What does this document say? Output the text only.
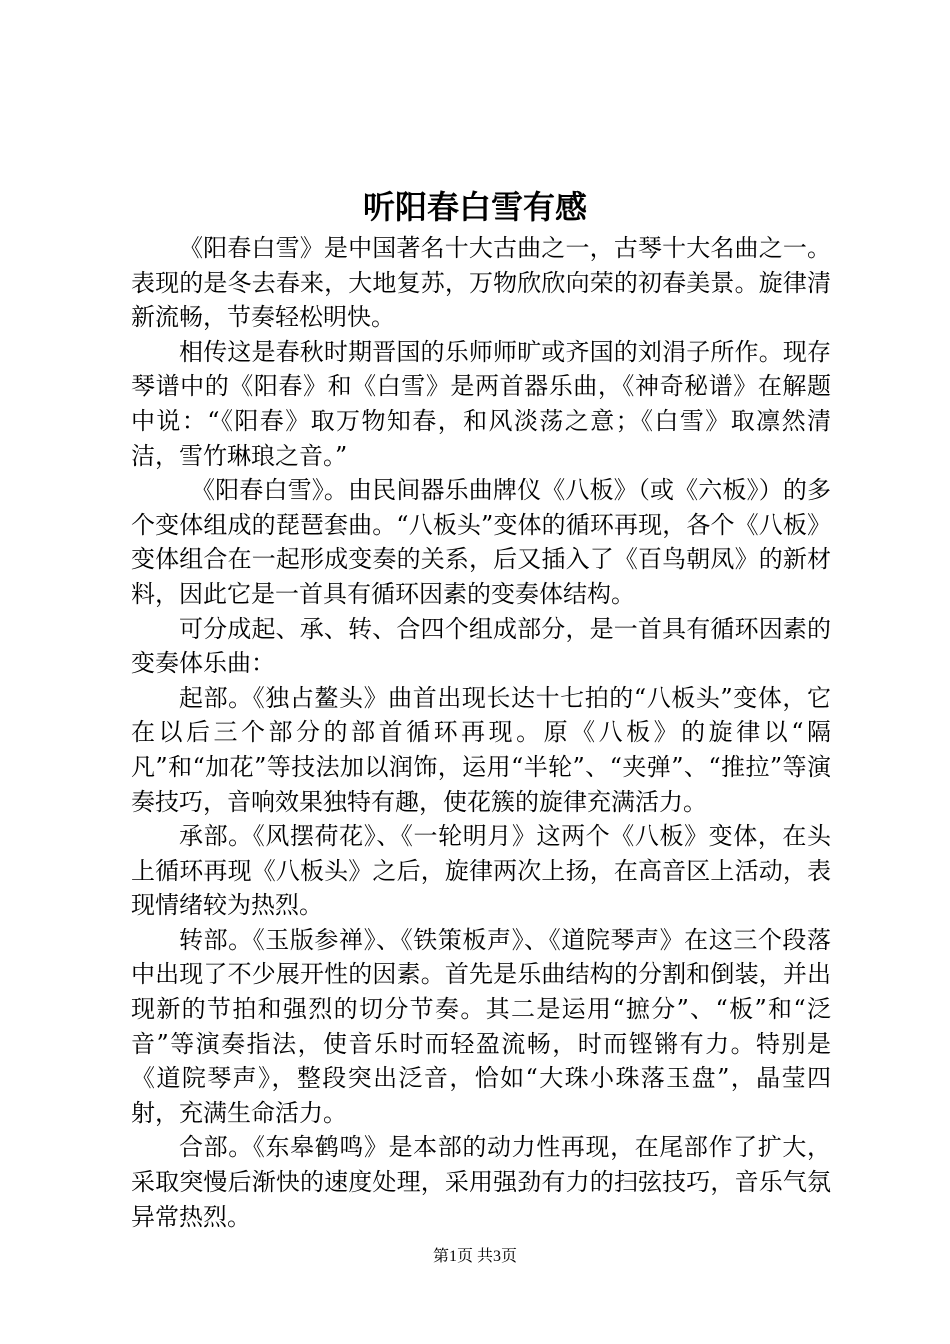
听阳春白雪有感

《阳春白雪》是中国著名十大古曲之一，古琴十大名曲之一。表现的是冬去春来，大地复苏，万物欣欣向荣的初春美景。旋律清新流畅，节奏轻松明快。

相传这是春秋时期晋国的乐师师旷或齐国的刘涓子所作。现存琴谱中的《阳春》和《白雪》是两首器乐曲，《神奇秘谱》在解题中说：“《阳春》取万物知春，和风淡荡之意；《白雪》取凛然清洁，雪竹琳琅之音。”

《阳春白雪》。由民间器乐曲牌仪《八板》（或《六板》）的多个变体组成的琵琶套曲。“八板头”变体的循环再现，各个《八板》变体组合在一起形成变奏的关系，后又插入了《百鸟朝凤》的新材料，因此它是一首具有循环因素的变奏体结构。

可分成起、承、转、合四个组成部分，是一首具有循环因素的变奏体乐曲：

起部。《独占鳌头》曲首出现长达十七拍的“八板头”变体，它在以后三个部分的部首循环再现。原《八板》的旋律以“隔凡”和“加花”等技法加以润饰，运用“半轮”、“夹弹”、“推拉”等演奏技巧，音响效果独特有趣，使花簇的旋律充满活力。

承部。《风摆荷花》、《一轮明月》这两个《八板》变体，在头上循环再现《八板头》之后，旋律两次上扬，在高音区上活动，表现情绪较为热烈。

转部。《玉版参禅》、《铁策板声》、《道院琴声》在这三个段落中出现了不少展开性的因素。首先是乐曲结构的分割和倒装，并出现新的节拍和强烈的切分节奏。其二是运用“摭分”、“板”和“泛音”等演奏指法，使音乐时而轻盈流畅，时而铿锵有力。特别是《道院琴声》，整段突出泛音，恰如“大珠小珠落玉盘”，晶莹四射，充满生命活力。

合部。《东皋鹤鸣》是本部的动力性再现，在尾部作了扩大，采取突慢后渐快的速度处理，采用强劲有力的扫弦技巧，音乐气氛异常热烈。

第1页 共3页
